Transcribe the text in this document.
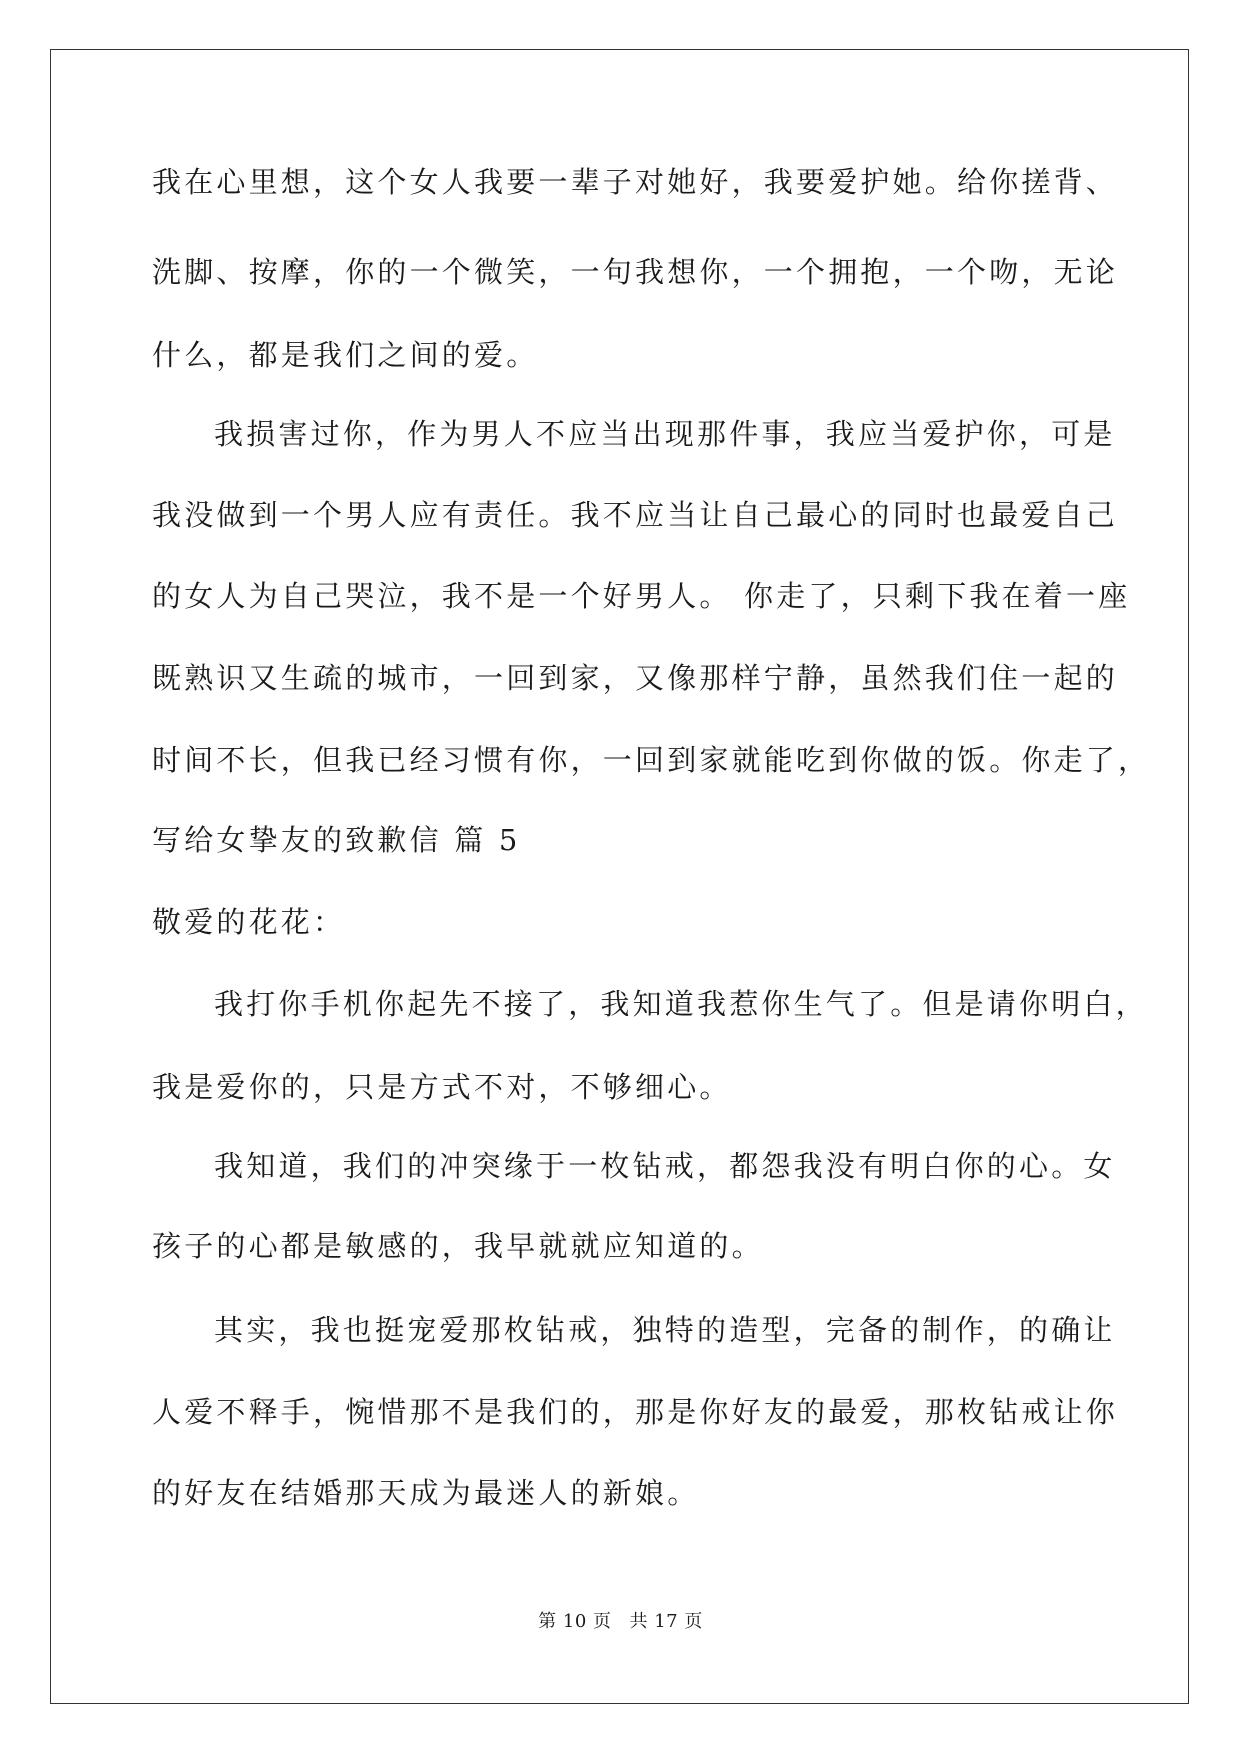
我在心里想，这个女人我要一辈子对她好，我要爱护她。给你搓背、
洗脚、按摩，你的一个微笑，一句我想你，一个拥抱，一个吻，无论
什么，都是我们之间的爱。
我损害过你，作为男人不应当出现那件事，我应当爱护你，可是
我没做到一个男人应有责任。我不应当让自己最心的同时也最爱自己
的女人为自己哭泣，我不是一个好男人。 你走了，只剩下我在着一座
既熟识又生疏的城市，一回到家，又像那样宁静，虽然我们住一起的
时间不长，但我已经习惯有你，一回到家就能吃到你做的饭。你走了，
写给女挚友的致歉信 篇 5
敬爱的花花：
我打你手机你起先不接了，我知道我惹你生气了。但是请你明白，
我是爱你的，只是方式不对，不够细心。
我知道，我们的冲突缘于一枚钻戒，都怨我没有明白你的心。女
孩子的心都是敏感的，我早就就应知道的。
其实，我也挺宠爱那枚钻戒，独特的造型，完备的制作，的确让
人爱不释手，惋惜那不是我们的，那是你好友的最爱，那枚钻戒让你
的好友在结婚那天成为最迷人的新娘。
第 10 页 共 17 页
